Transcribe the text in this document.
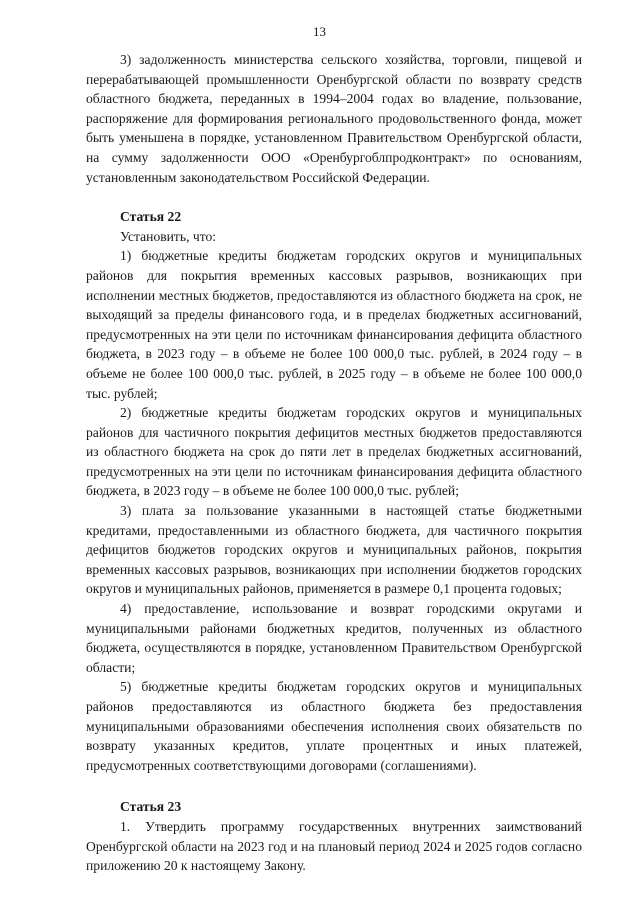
13

3) задолженность министерства сельского хозяйства, торговли, пищевой и перерабатывающей промышленности Оренбургской области по возврату средств областного бюджета, переданных в 1994–2004 годах во владение, пользование, распоряжение для формирования регионального продовольственного фонда, может быть уменьшена в порядке, установленном Правительством Оренбургской области, на сумму задолженности ООО «Оренбургоблпродконтракт» по основаниям, установленным законодательством Российской Федерации.

Статья 22

Установить, что:

1) бюджетные кредиты бюджетам городских округов и муниципальных районов для покрытия временных кассовых разрывов, возникающих при исполнении местных бюджетов, предоставляются из областного бюджета на срок, не выходящий за пределы финансового года, и в пределах бюджетных ассигнований, предусмотренных на эти цели по источникам финансирования дефицита областного бюджета, в 2023 году – в объеме не более 100 000,0 тыс. рублей, в 2024 году – в объеме не более 100 000,0 тыс. рублей, в 2025 году – в объеме не более 100 000,0 тыс. рублей;

2) бюджетные кредиты бюджетам городских округов и муниципальных районов для частичного покрытия дефицитов местных бюджетов предоставляются из областного бюджета на срок до пяти лет в пределах бюджетных ассигнований, предусмотренных на эти цели по источникам финансирования дефицита областного бюджета, в 2023 году – в объеме не более 100 000,0 тыс. рублей;

3) плата за пользование указанными в настоящей статье бюджетными кредитами, предоставленными из областного бюджета, для частичного покрытия дефицитов бюджетов городских округов и муниципальных районов, покрытия временных кассовых разрывов, возникающих при исполнении бюджетов городских округов и муниципальных районов, применяется в размере 0,1 процента годовых;

4) предоставление, использование и возврат городскими округами и муниципальными районами бюджетных кредитов, полученных из областного бюджета, осуществляются в порядке, установленном Правительством Оренбургской области;

5) бюджетные кредиты бюджетам городских округов и муниципальных районов предоставляются из областного бюджета без предоставления муниципальными образованиями обеспечения исполнения своих обязательств по возврату указанных кредитов, уплате процентных и иных платежей, предусмотренных соответствующими договорами (соглашениями).

Статья 23

1. Утвердить программу государственных внутренних заимствований Оренбургской области на 2023 год и на плановый период 2024 и 2025 годов согласно приложению 20 к настоящему Закону.
